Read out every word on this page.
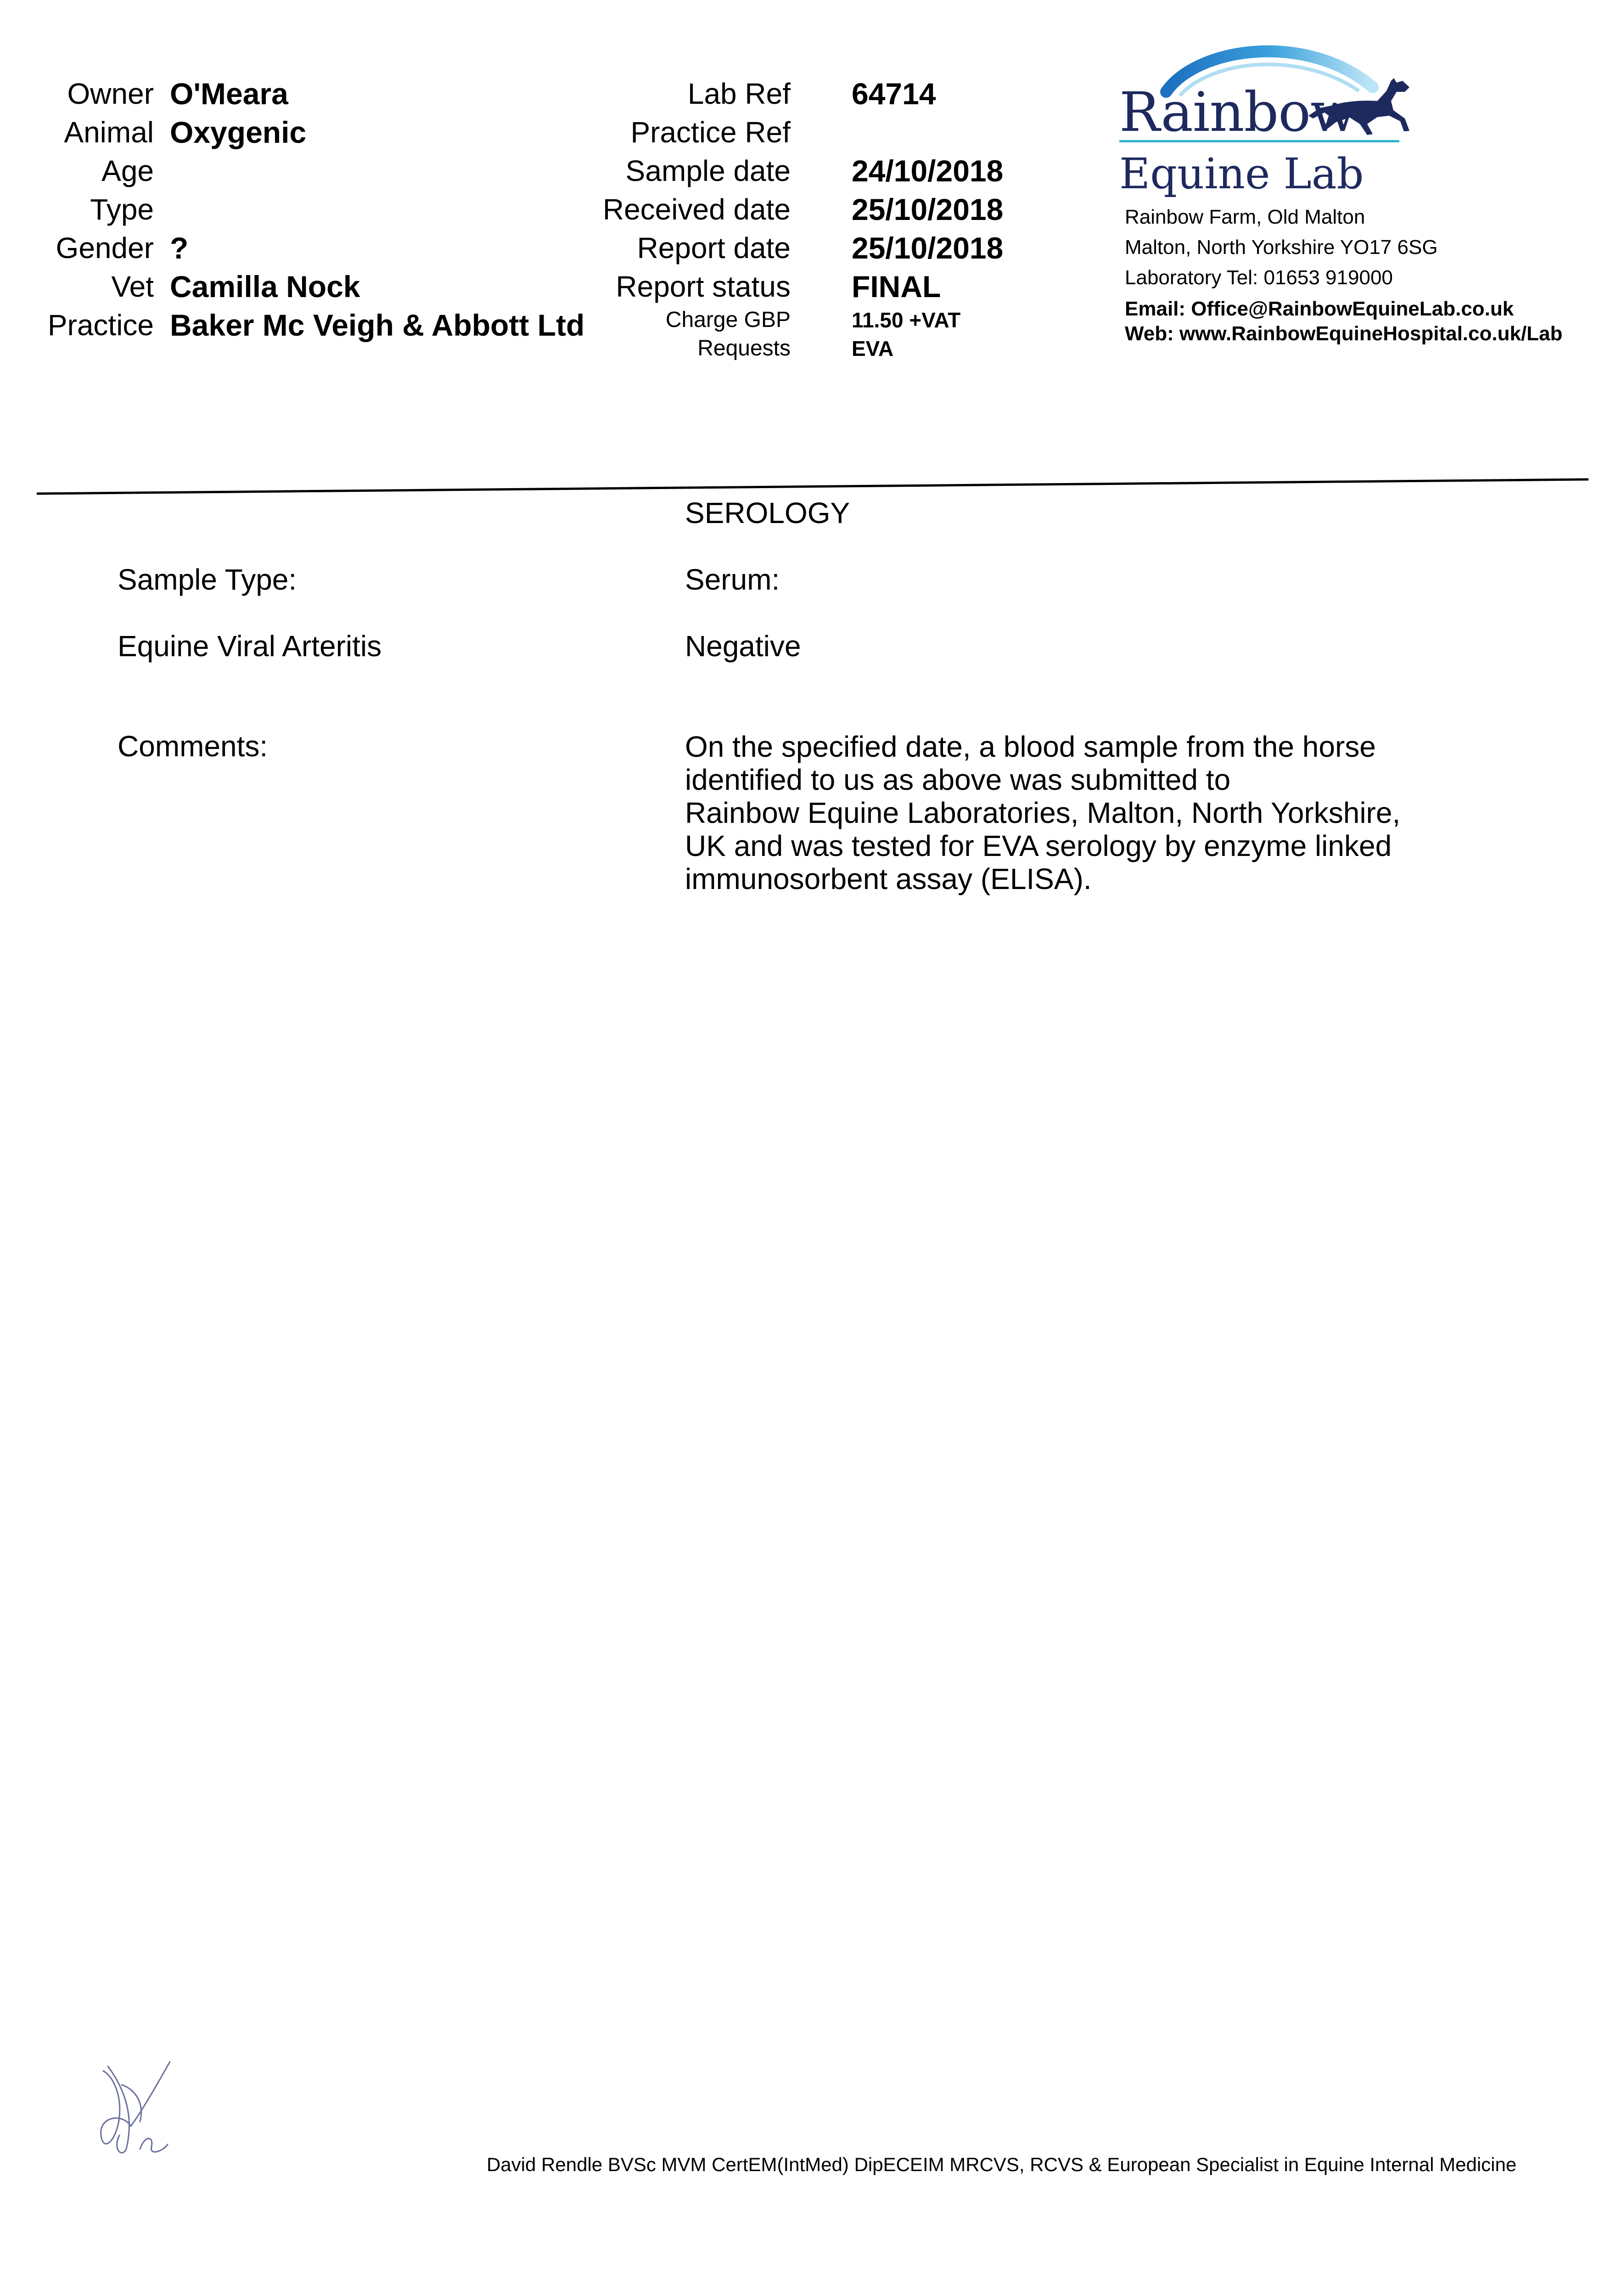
Owner O'Meara
Animal Oxygenic
Age
Type
Gender ?
Vet Camilla Nock
Practice Baker Mc Veigh & Abbott Ltd
Lab Ref 64714
Practice Ref
Sample date 24/10/2018
Received date 25/10/2018
Report date 25/10/2018
Report status FINAL
Charge GBP	11.50 +VAT
Requests	EVA
Rainbow
Equine Lab
Rainbow Farm, Old Malton
Malton, North Yorkshire YO17 6SG
Laboratory Tel: 01653 919000
Email: Office@RainbowEquineLab.co.uk
Web: www.RainbowEquineHospital.co.uk/Lab
SEROLOGY
Sample Type:	Serum:
Equine Viral Arteritis	Negative
Comments:	On the specified date, a blood sample from the horse
identified to us as above was submitted to
Rainbow Equine Laboratories, Malton, North Yorkshire,
UK and was tested for EVA serology by enzyme linked
immunosorbent assay (ELISA).
David Rendle BVSc MVM CertEM(IntMed) DipECEIM MRCVS, RCVS & European Specialist in Equine Internal Medicine
